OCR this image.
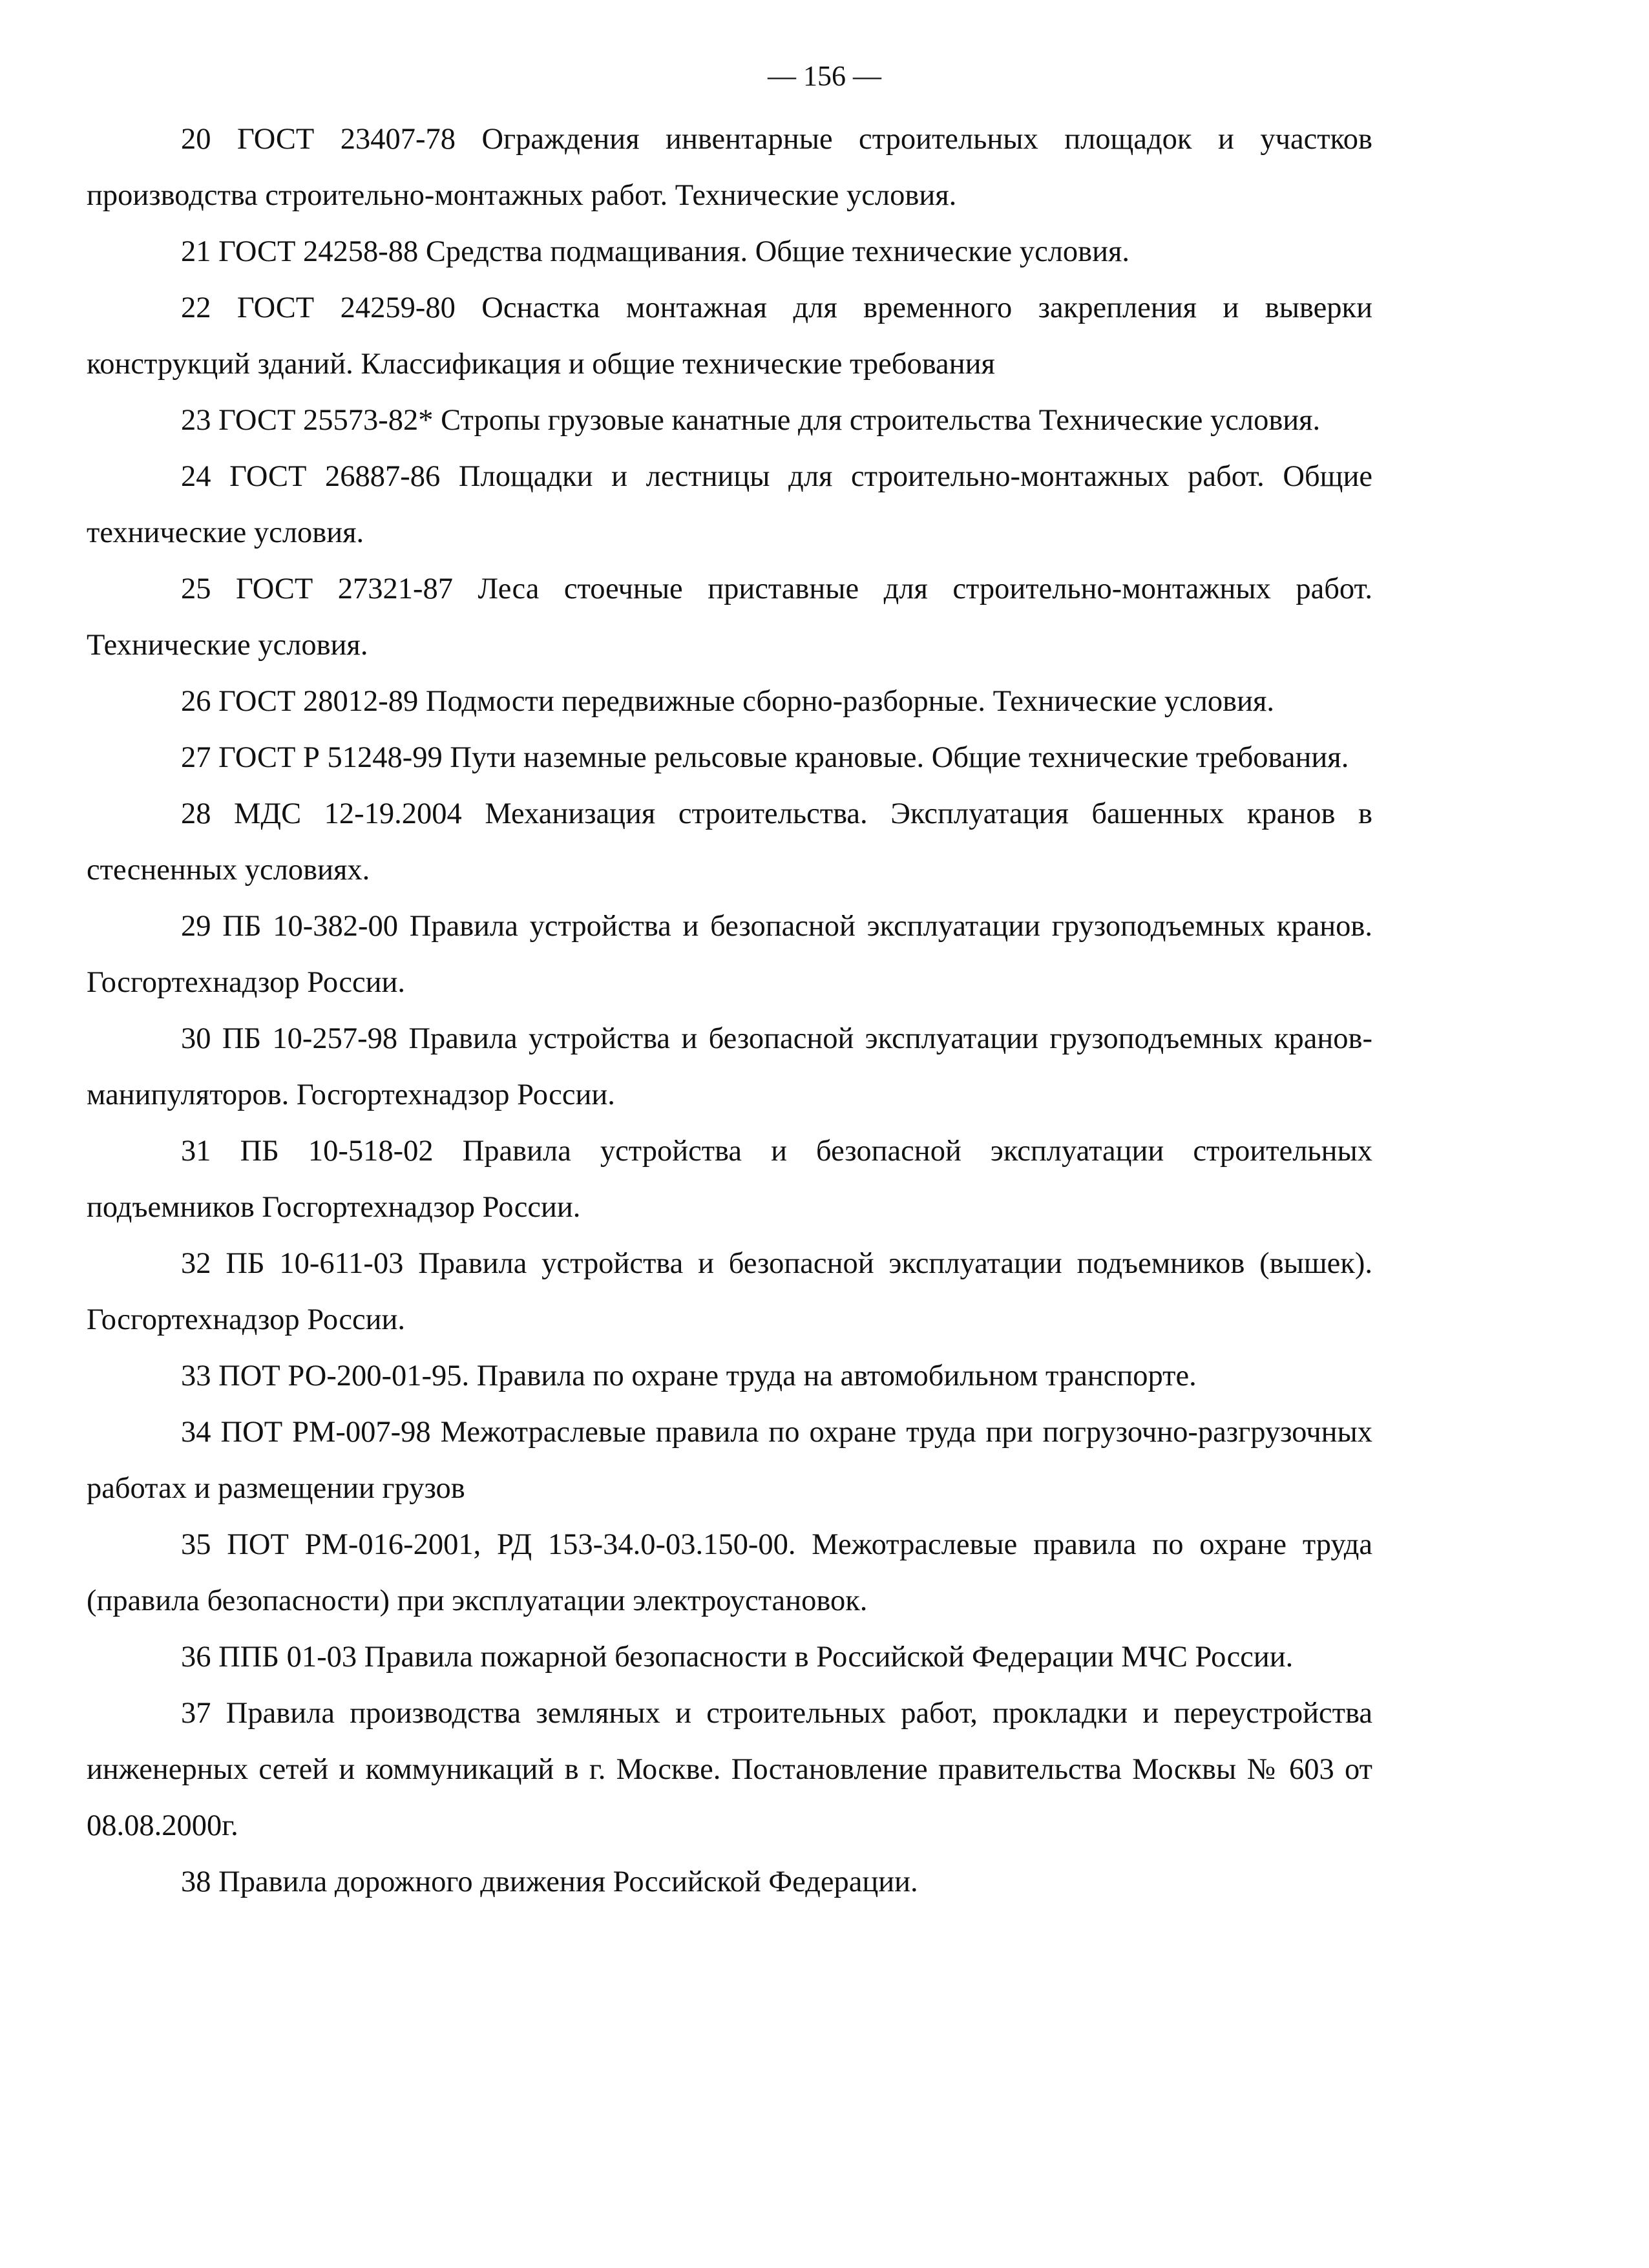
— 156 —

20 ГОСТ 23407-78 Ограждения инвентарные строительных площадок и участков производства строительно-монтажных работ. Технические условия.

21 ГОСТ 24258-88 Средства подмащивания. Общие технические условия.

22 ГОСТ 24259-80 Оснастка монтажная для временного закрепления и выверки конструкций зданий. Классификация и общие технические требования

23 ГОСТ 25573-82* Стропы грузовые канатные для строительства Технические условия.

24 ГОСТ 26887-86 Площадки и лестницы для строительно-монтажных работ. Общие технические условия.

25 ГОСТ 27321-87 Леса стоечные приставные для строительно-монтажных работ. Технические условия.

26 ГОСТ 28012-89 Подмости передвижные сборно-разборные. Технические условия.

27 ГОСТ Р 51248-99 Пути наземные рельсовые крановые. Общие технические требования.

28 МДС 12-19.2004 Механизация строительства. Эксплуатация башенных кранов в стесненных условиях.

29 ПБ 10-382-00 Правила устройства и безопасной эксплуатации грузоподъемных кранов. Госгортехнадзор России.

30 ПБ 10-257-98 Правила устройства и безопасной эксплуатации грузоподъемных кранов-манипуляторов. Госгортехнадзор России.

31 ПБ 10-518-02 Правила устройства и безопасной эксплуатации строительных подъемников Госгортехнадзор России.

32 ПБ 10-611-03 Правила устройства и безопасной эксплуатации подъемников (вышек). Госгортехнадзор России.

33 ПОТ РО-200-01-95. Правила по охране труда на автомобильном транспорте.

34 ПОТ РМ-007-98 Межотраслевые правила по охране труда при погрузочно-разгрузочных работах и размещении грузов

35 ПОТ РМ-016-2001, РД 153-34.0-03.150-00. Межотраслевые правила по охране труда (правила безопасности) при эксплуатации электроустановок.

36 ППБ 01-03 Правила пожарной безопасности в Российской Федерации МЧС России.

37 Правила производства земляных и строительных работ, прокладки и переустройства инженерных сетей и коммуникаций в г. Москве. Постановление правительства Москвы № 603 от 08.08.2000г.

38 Правила дорожного движения Российской Федерации.
